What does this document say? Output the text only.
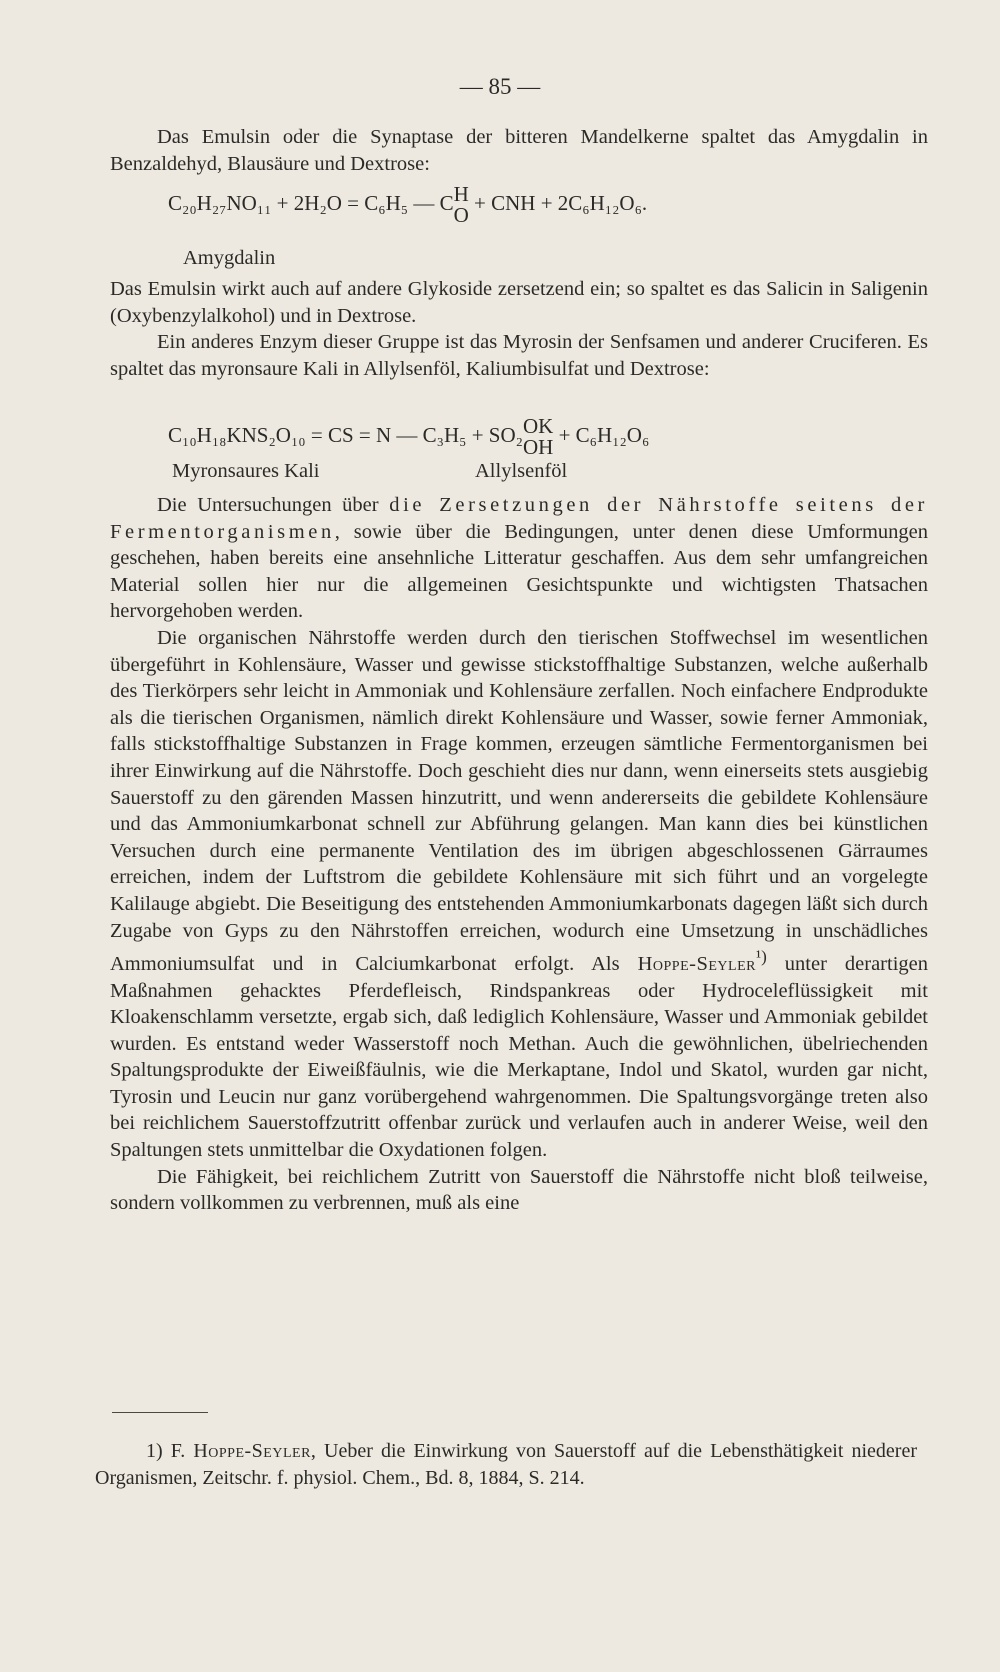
— 85 —

Das Emulsin oder die Synaptase der bitteren Mandelkerne spaltet das Amygdalin in Benzaldehyd, Blausäure und Dextrose:

C₂₀H₂₇NO₁₁ + 2H₂O = C₆H₅ — C H
O
+ CNH + 2C₆H₁₂O₆.
Amygdalin

Das Emulsin wirkt auch auf andere Glykoside zersetzend ein; so spaltet es das Salicin in Saligenin (Oxybenzylalkohol) und in Dextrose.

Ein anderes Enzym dieser Gruppe ist das Myrosin der Senfsamen und anderer Cruciferen. Es spaltet das myronsaure Kali in Allylsenföl, Kaliumbisulfat und Dextrose:

C₁₀H₁₈KNS₂O₁₀ = CS = N — C₃H₅ + SO₂ OK
OH
+ C₆H₁₂O₆
Myronsaures Kali	Allylsenföl

Die Untersuchungen über die Zersetzungen der Nährstoffe seitens der Fermentorganismen, sowie über die Bedingungen, unter denen diese Umformungen geschehen, haben bereits eine ansehnliche Litteratur geschaffen. Aus dem sehr umfangreichen Material sollen hier nur die allgemeinen Gesichtspunkte und wichtigsten Thatsachen hervorgehoben werden.

Die organischen Nährstoffe werden durch den tierischen Stoffwechsel im wesentlichen übergeführt in Kohlensäure, Wasser und gewisse stickstoffhaltige Substanzen, welche außerhalb des Tierkörpers sehr leicht in Ammoniak und Kohlensäure zerfallen. Noch einfachere Endprodukte als die tierischen Organismen, nämlich direkt Kohlensäure und Wasser, sowie ferner Ammoniak, falls stickstoffhaltige Substanzen in Frage kommen, erzeugen sämtliche Fermentorganismen bei ihrer Einwirkung auf die Nährstoffe. Doch geschieht dies nur dann, wenn einerseits stets ausgiebig Sauerstoff zu den gärenden Massen hinzutritt, und wenn andererseits die gebildete Kohlensäure und das Ammoniumkarbonat schnell zur Abführung gelangen. Man kann dies bei künstlichen Versuchen durch eine permanente Ventilation des im übrigen abgeschlossenen Gärraumes erreichen, indem der Luftstrom die gebildete Kohlensäure mit sich führt und an vorgelegte Kalilauge abgiebt. Die Beseitigung des entstehenden Ammoniumkarbonats dagegen läßt sich durch Zugabe von Gyps zu den Nährstoffen erreichen, wodurch eine Umsetzung in unschädliches Ammoniumsulfat und in Calciumkarbonat erfolgt. Als Hoppe-Seyler$^{^1)}$ unter derartigen Maßnahmen gehacktes Pferdefleisch, Rindspankreas oder Hydroceleflüssigkeit mit Kloakenschlamm versetzte, ergab sich, daß lediglich Kohlensäure, Wasser und Ammoniak gebildet wurden. Es entstand weder Wasserstoff noch Methan. Auch die gewöhnlichen, übelriechenden Spaltungsprodukte der Eiweißfäulnis, wie die Merkaptane, Indol und Skatol, wurden gar nicht, Tyrosin und Leucin nur ganz vorübergehend wahrgenommen. Die Spaltungsvorgänge treten also bei reichlichem Sauerstoffzutritt offenbar zurück und verlaufen auch in anderer Weise, weil den Spaltungen stets unmittelbar die Oxydationen folgen.

Die Fähigkeit, bei reichlichem Zutritt von Sauerstoff die Nährstoffe nicht bloß teilweise, sondern vollkommen zu verbrennen, muß als eine

1) F. Hoppe-Seyler, Ueber die Einwirkung von Sauerstoff auf die Lebensthätigkeit niederer Organismen, Zeitschr. f. physiol. Chem., Bd. 8, 1884, S. 214.
